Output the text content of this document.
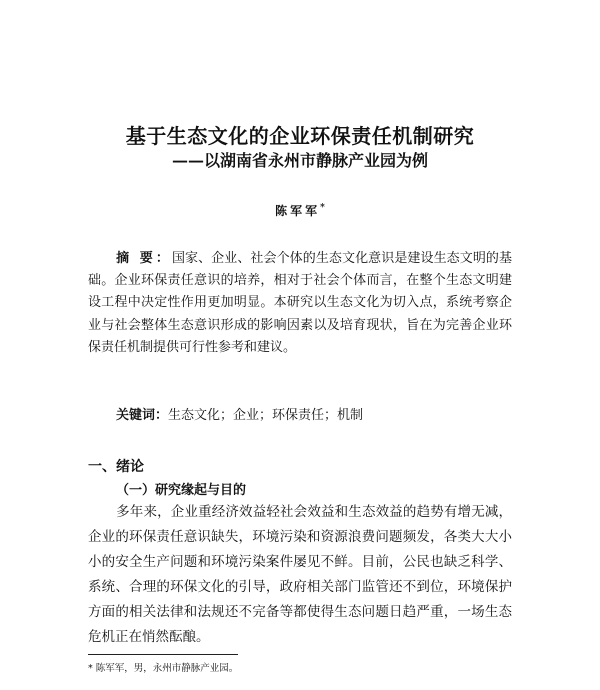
基于生态文化的企业环保责任机制研究
——以湖南省永州市静脉产业园为例
陈军军*
摘 要：国家、企业、社会个体的生态文化意识是建设生态文明的基础。企业环保责任意识的培养，相对于社会个体而言，在整个生态文明建设工程中决定性作用更加明显。本研究以生态文化为切入点，系统考察企业与社会整体生态意识形成的影响因素以及培育现状，旨在为完善企业环保责任机制提供可行性参考和建议。
关键词：生态文化；企业；环保责任；机制
一、绪论
（一）研究缘起与目的
多年来，企业重经济效益轻社会效益和生态效益的趋势有增无减，企业的环保责任意识缺失，环境污染和资源浪费问题频发，各类大大小小的安全生产问题和环境污染案件屡见不鲜。目前，公民也缺乏科学、系统、合理的环保文化的引导，政府相关部门监管还不到位，环境保护方面的相关法律和法规还不完备等都使得生态问题日趋严重，一场生态危机正在悄然酝酿。
* 陈军军，男，永州市静脉产业园。
